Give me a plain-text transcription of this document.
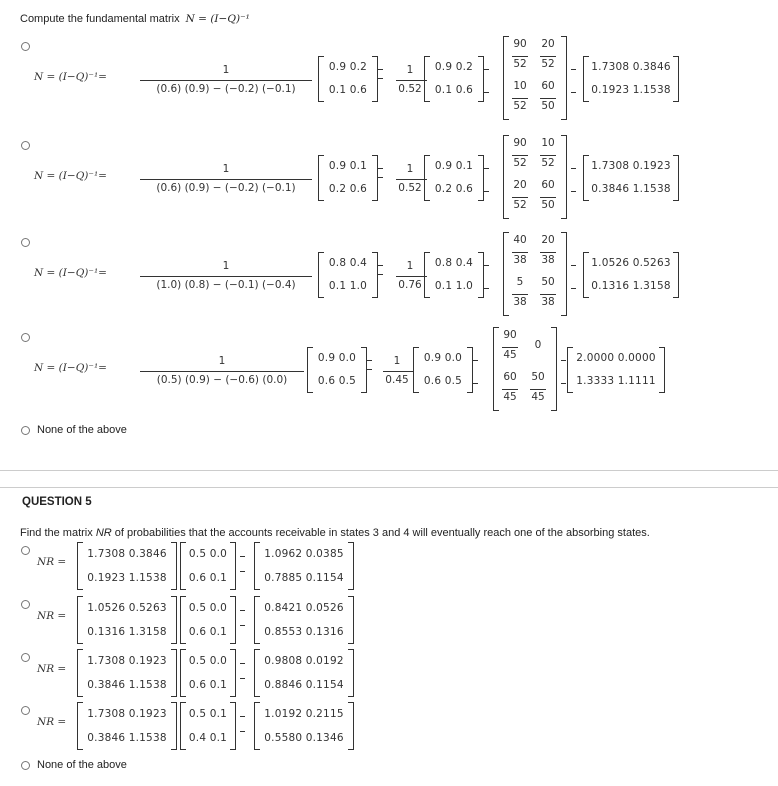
Compute the fundamental matrix N = (I−Q)⁻¹
N = (I−Q)⁻¹=
1
(0.6) (0.9) − (−0.2) (−0.1)
0.9 0.2
0.1 0.6
1
0.52
0.9 0.2
0.1 0.6
90
52
20
52
10
52
60
50
1.7308 0.3846
0.1923 1.1538
N = (I−Q)⁻¹=
1
(0.6) (0.9) − (−0.2) (−0.1)
0.9 0.1
0.2 0.6
1
0.52
0.9 0.1
0.2 0.6
90
52
10
52
20
52
60
50
1.7308 0.1923
0.3846 1.1538
N = (I−Q)⁻¹=
1
(1.0) (0.8) − (−0.1) (−0.4)
0.8 0.4
0.1 1.0
1
0.76
0.8 0.4
0.1 1.0
40
38
20
38
5
38
50
38
1.0526 0.5263
0.1316 1.3158
N = (I−Q)⁻¹=
1
(0.5) (0.9) − (−0.6) (0.0)
0.9 0.0
0.6 0.5
1
0.45
0.9 0.0
0.6 0.5
90
45
0
60
45
50
45
2.0000 0.0000
1.3333 1.1111
None of the above
QUESTION 5
Find the matrix NR of probabilities that the accounts receivable in states 3 and 4 will eventually reach one of the absorbing states.
NR =
1.7308 0.3846
0.1923 1.1538
0.5 0.0
0.6 0.1
1.0962 0.0385
0.7885 0.1154
NR =
1.0526 0.5263
0.1316 1.3158
0.5 0.0
0.6 0.1
0.8421 0.0526
0.8553 0.1316
NR =
1.7308 0.1923
0.3846 1.1538
0.5 0.0
0.6 0.1
0.9808 0.0192
0.8846 0.1154
NR =
1.7308 0.1923
0.3846 1.1538
0.5 0.1
0.4 0.1
1.0192 0.2115
0.5580 0.1346
None of the above
